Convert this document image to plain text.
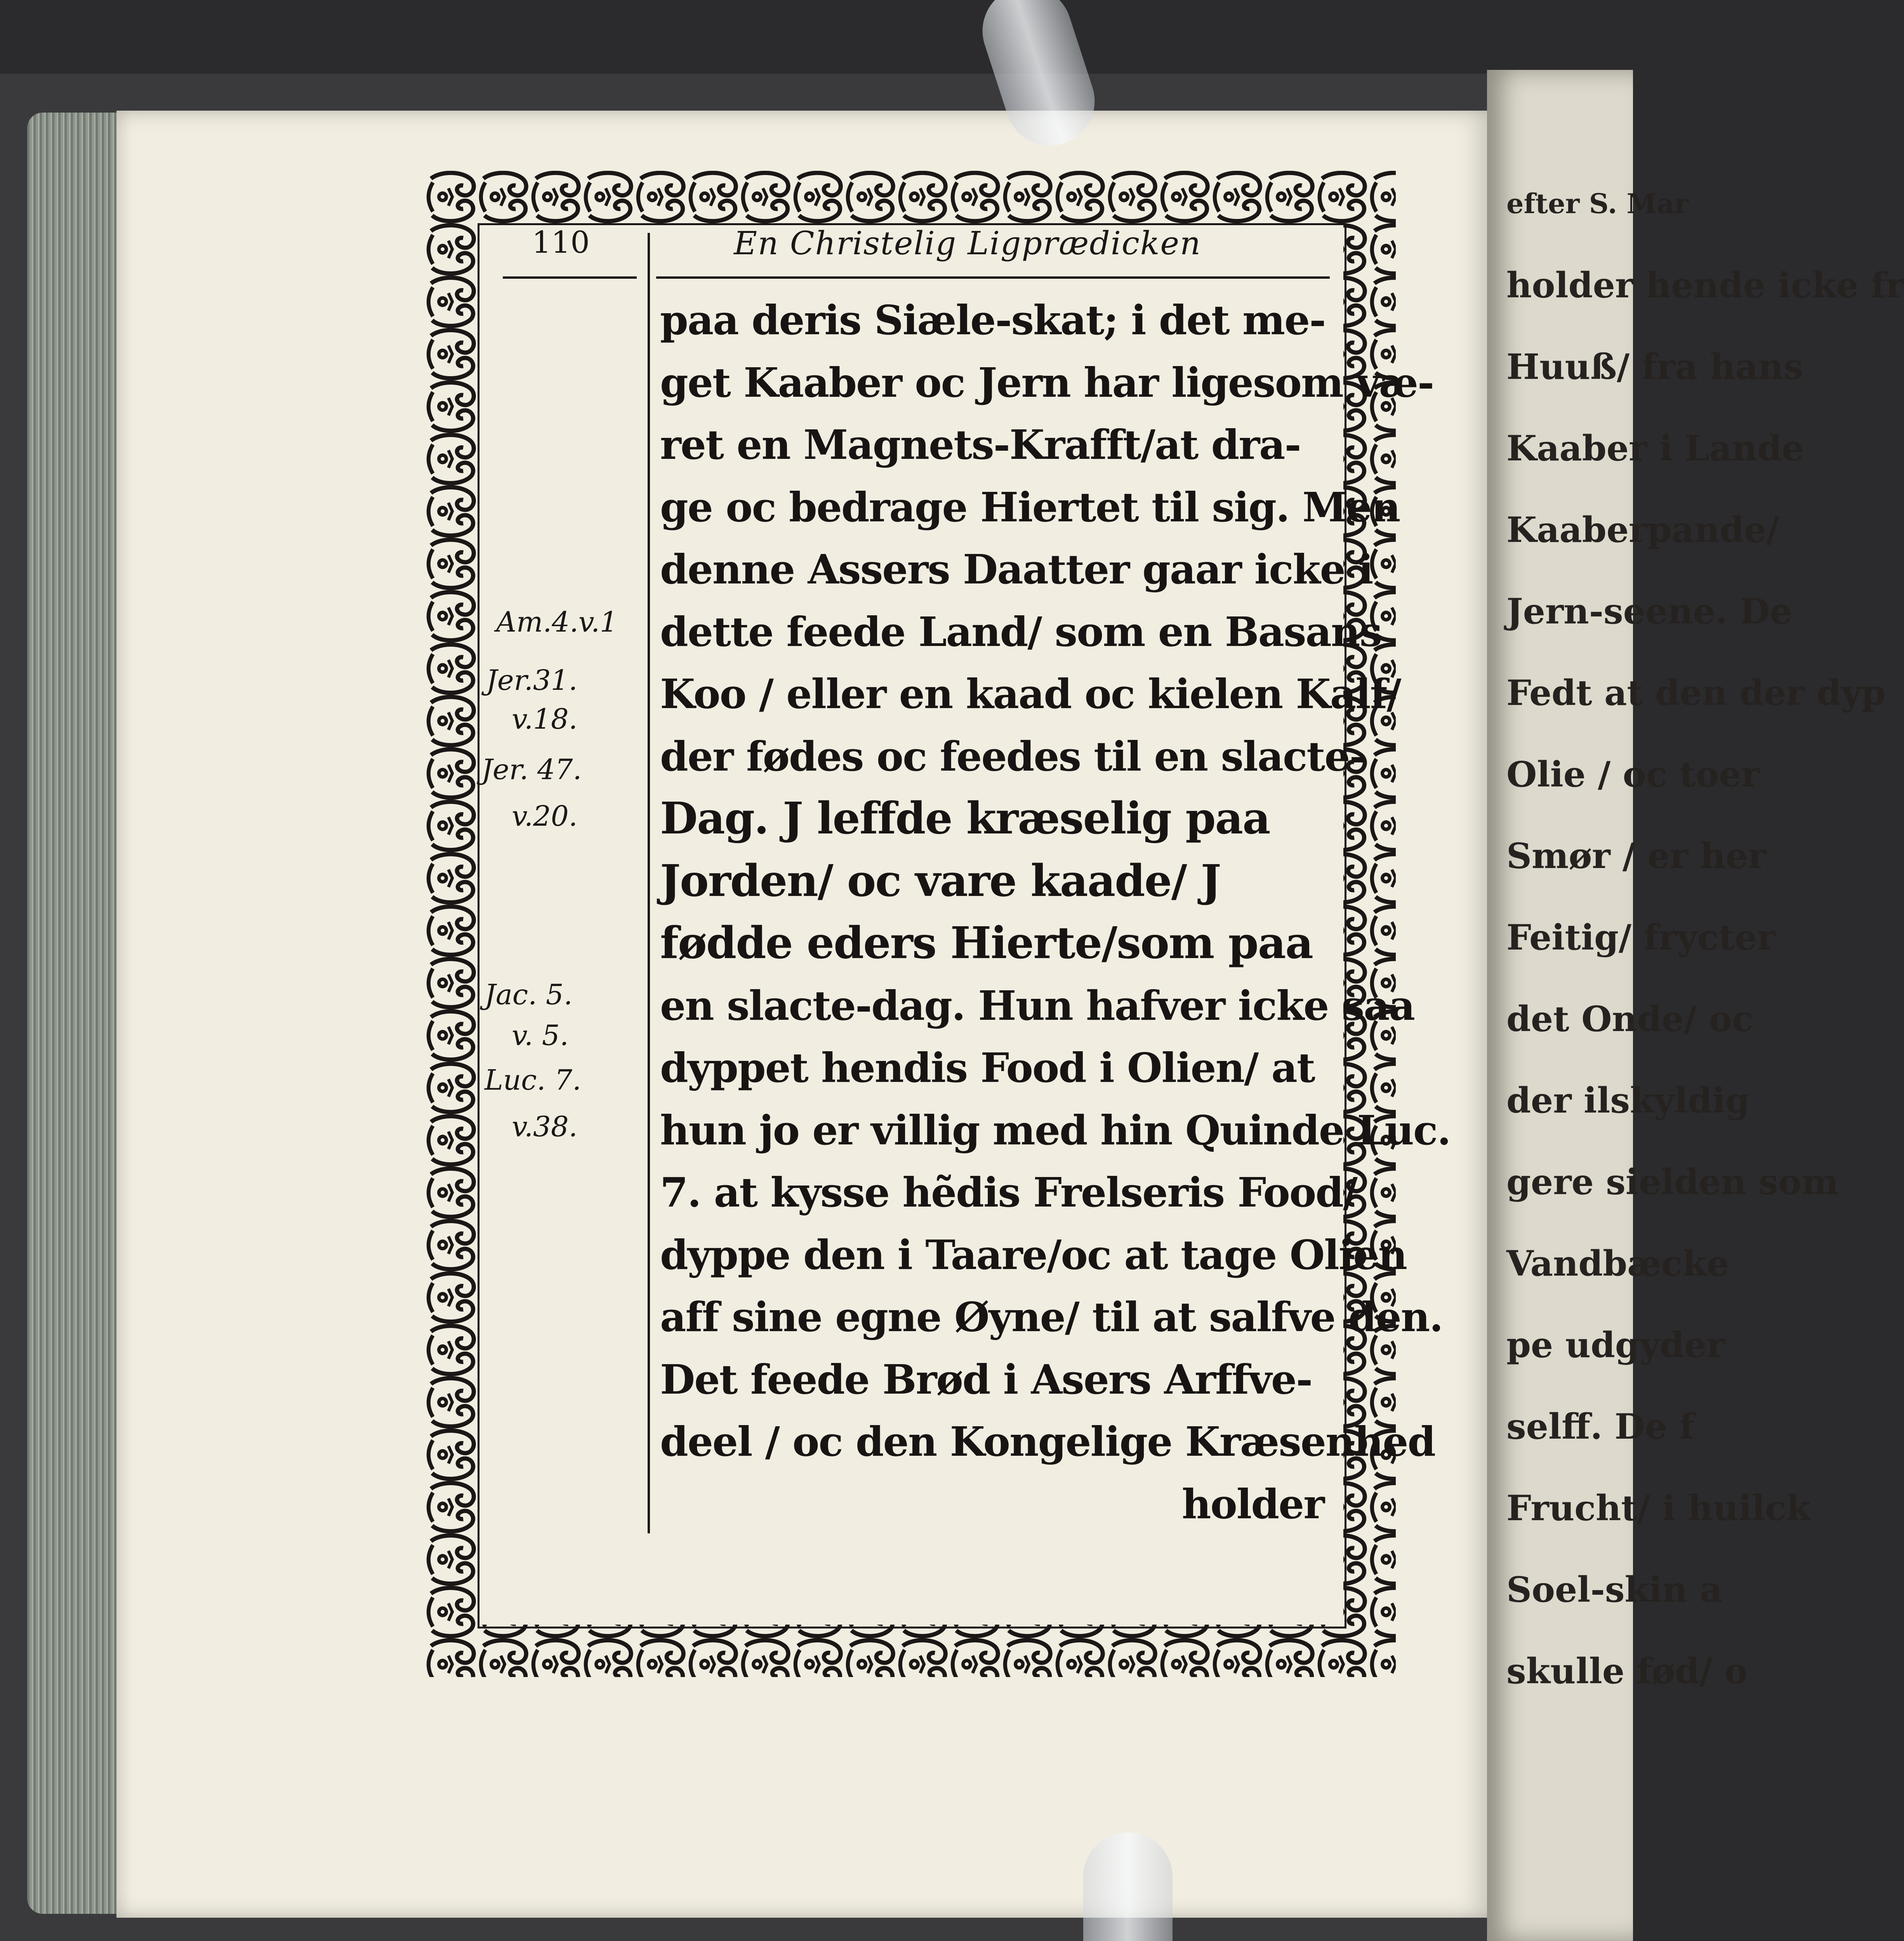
efter S. Mar
holder hende icke fr
Huuß/ fra hans
Kaaber i Lande
Kaaberpande/
Jern-seene. De
Fedt at den der dyp
Olie / oc toer
Smør / er her
Feitig/ frycter
det Onde/ oc
der ilskyldig
gere sielden som
Vandbæcke
pe udgyder
selff. De f
Frucht/ i huilck
Soel-skin a
skulle fød/ o
110	En Christelig Ligprædicken
Am.4.v.1
Jer.31.
v.18.
Jer. 47.
v.20.
Jac. 5.
v. 5.
Luc. 7.
v.38.
paa deris Siæle-skat; i det me-
get Kaaber oc Jern har ligesom væ-
ret en Magnets-Krafft/at dra-
ge oc bedrage Hiertet til sig. Men
denne Assers Daatter gaar icke i
dette feede Land/ som en Basans
Koo / eller en kaad oc kielen Kalf/
der fødes oc feedes til en slacte-
Dag. J leffde kræselig paa
Jorden/ oc vare kaade/ J
fødde eders Hierte/som paa
en slacte-dag. Hun hafver icke saa
dyppet hendis Food i Olien/ at
hun jo er villig med hin Quinde Luc.
7. at kysse hẽdis Frelseris Food/
dyppe den i Taare/oc at tage Olien
aff sine egne Øyne/ til at salfve den.
Det feede Brød i Asers Arffve-
deel / oc den Kongelige Kræsenhed
holder
